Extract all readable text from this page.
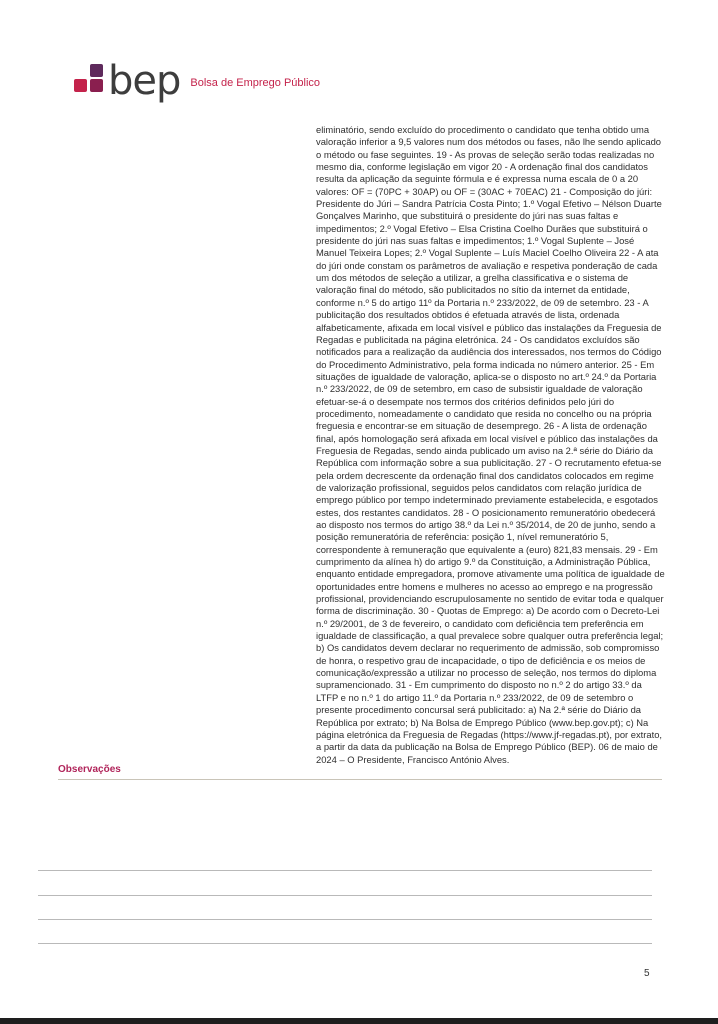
bep Bolsa de Emprego Público

eliminatório, sendo excluído do procedimento o candidato que tenha obtido uma valoração inferior a 9,5 valores num dos métodos ou fases, não lhe sendo aplicado o método ou fase seguintes. 19 - As provas de seleção serão todas realizadas no mesmo dia, conforme legislação em vigor 20 - A ordenação final dos candidatos resulta da aplicação da seguinte fórmula e é expressa numa escala de 0 a 20 valores: OF = (70PC + 30AP) ou OF = (30AC + 70EAC) 21 - Composição do júri: Presidente do Júri – Sandra Patrícia Costa Pinto; 1.º Vogal Efetivo – Nélson Duarte Gonçalves Marinho, que substituirá o presidente do júri nas suas faltas e impedimentos; 2.º Vogal Efetivo – Elsa Cristina Coelho Durães que substituirá o presidente do júri nas suas faltas e impedimentos; 1.º Vogal Suplente – José Manuel Teixeira Lopes; 2.º Vogal Suplente – Luís Maciel Coelho Oliveira 22 - A ata do júri onde constam os parâmetros de avaliação e respetiva ponderação de cada um dos métodos de seleção a utilizar, a grelha classificativa e o sistema de valoração final do método, são publicitados no sítio da internet da entidade, conforme n.º 5 do artigo 11º da Portaria n.º 233/2022, de 09 de setembro. 23 - A publicitação dos resultados obtidos é efetuada através de lista, ordenada alfabeticamente, afixada em local visível e público das instalações da Freguesia de Regadas e publicitada na página eletrónica. 24 - Os candidatos excluídos são notificados para a realização da audiência dos interessados, nos termos do Código do Procedimento Administrativo, pela forma indicada no número anterior. 25 - Em situações de igualdade de valoração, aplica-se o disposto no art.º 24.º da Portaria n.º 233/2022, de 09 de setembro, em caso de subsistir igualdade de valoração efetuar-se-á o desempate nos termos dos critérios definidos pelo júri do procedimento, nomeadamente o candidato que resida no concelho ou na própria freguesia e encontrar-se em situação de desemprego. 26 - A lista de ordenação final, após homologação será afixada em local visível e público das instalações da Freguesia de Regadas, sendo ainda publicado um aviso na 2.ª série do Diário da República com informação sobre a sua publicitação. 27 - O recrutamento efetua-se pela ordem decrescente da ordenação final dos candidatos colocados em regime de valorização profissional, seguidos pelos candidatos com relação jurídica de emprego público por tempo indeterminado previamente estabelecida, e esgotados estes, dos restantes candidatos. 28 - O posicionamento remuneratório obedecerá ao disposto nos termos do artigo 38.º da Lei n.º 35/2014, de 20 de junho, sendo a posição remuneratória de referência: posição 1, nível remuneratório 5, correspondente à remuneração que equivalente a (euro) 821,83 mensais. 29 - Em cumprimento da alínea h) do artigo 9.º da Constituição, a Administração Pública, enquanto entidade empregadora, promove ativamente uma política de igualdade de oportunidades entre homens e mulheres no acesso ao emprego e na progressão profissional, providenciando escrupulosamente no sentido de evitar toda e qualquer forma de discriminação. 30 - Quotas de Emprego: a) De acordo com o Decreto-Lei n.º 29/2001, de 3 de fevereiro, o candidato com deficiência tem preferência em igualdade de classificação, a qual prevalece sobre qualquer outra preferência legal; b) Os candidatos devem declarar no requerimento de admissão, sob compromisso de honra, o respetivo grau de incapacidade, o tipo de deficiência e os meios de comunicação/expressão a utilizar no processo de seleção, nos termos do diploma supramencionado. 31 - Em cumprimento do disposto no n.º 2 do artigo 33.º da LTFP e no n.º 1 do artigo 11.º da Portaria n.º 233/2022, de 09 de setembro o presente procedimento concursal será publicitado: a) Na 2.ª série do Diário da República por extrato; b) Na Bolsa de Emprego Público (www.bep.gov.pt); c) Na página eletrónica da Freguesia de Regadas (https://www.jf-regadas.pt), por extrato, a partir da data da publicação na Bolsa de Emprego Público (BEP). 06 de maio de 2024 – O Presidente, Francisco António Alves.

Observações
5
